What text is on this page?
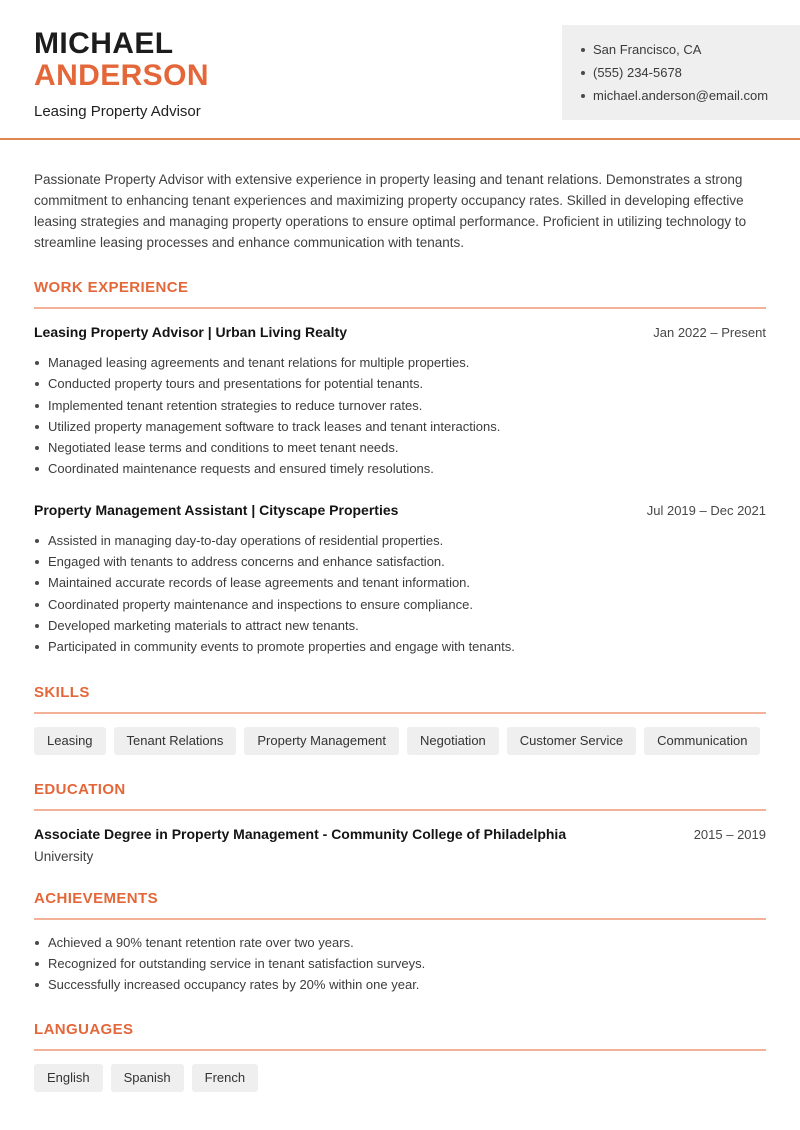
MICHAEL
ANDERSON
Leasing Property Advisor
San Francisco, CA
(555) 234-5678
michael.anderson@email.com

Passionate Property Advisor with extensive experience in property leasing and tenant relations. Demonstrates a strong commitment to enhancing tenant experiences and maximizing property occupancy rates. Skilled in developing effective leasing strategies and managing property operations to ensure optimal performance. Proficient in utilizing technology to streamline leasing processes and enhance communication with tenants.

WORK EXPERIENCE
Leasing Property Advisor | Urban Living Realty	Jan 2022 – Present
Managed leasing agreements and tenant relations for multiple properties.
Conducted property tours and presentations for potential tenants.
Implemented tenant retention strategies to reduce turnover rates.
Utilized property management software to track leases and tenant interactions.
Negotiated lease terms and conditions to meet tenant needs.
Coordinated maintenance requests and ensured timely resolutions.
Property Management Assistant | Cityscape Properties	Jul 2019 – Dec 2021
Assisted in managing day-to-day operations of residential properties.
Engaged with tenants to address concerns and enhance satisfaction.
Maintained accurate records of lease agreements and tenant information.
Coordinated property maintenance and inspections to ensure compliance.
Developed marketing materials to attract new tenants.
Participated in community events to promote properties and engage with tenants.
SKILLS
Leasing	Tenant Relations	Property Management	Negotiation	Customer Service	Communication
EDUCATION
Associate Degree in Property Management - Community College of Philadelphia	2015 – 2019
University
ACHIEVEMENTS
Achieved a 90% tenant retention rate over two years.
Recognized for outstanding service in tenant satisfaction surveys.
Successfully increased occupancy rates by 20% within one year.
LANGUAGES
English	Spanish	French
